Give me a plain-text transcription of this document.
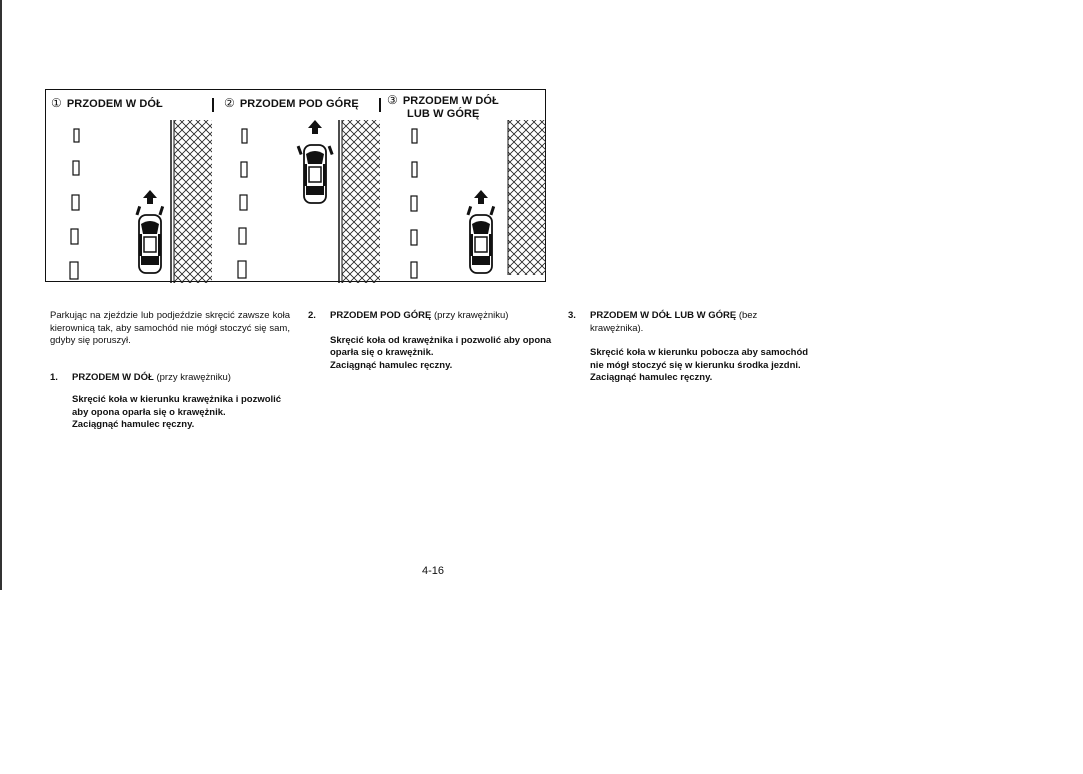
① PRZODEM W DÓŁ	② PRZODEM POD GÓRĘ ③ PRZODEM W DÓŁ
LUB W GÓRĘ

Parkując na zjeździe lub podjeździe skręcić zawsze koła kierownicą tak, aby samochód nie mógł stoczyć się sam, gdyby się poruszył.

1.	PRZODEM W DÓŁ (przy krawężniku)

Skręcić koła w kierunku krawężnika i pozwolić aby opona oparła się o krawężnik.

Zaciągnąć hamulec ręczny.

2.	PRZODEM POD GÓRĘ (przy krawężniku)

Skręcić koła od krawężnika i pozwolić aby opona oparła się o krawężnik.

Zaciągnąć hamulec ręczny.

3.	PRZODEM W DÓŁ LUB W GÓRĘ (bez krawężnika).

Skręcić koła w kierunku pobocza aby samochód nie mógł stoczyć się w kierunku środka jezdni.

Zaciągnąć hamulec ręczny.

4-16
